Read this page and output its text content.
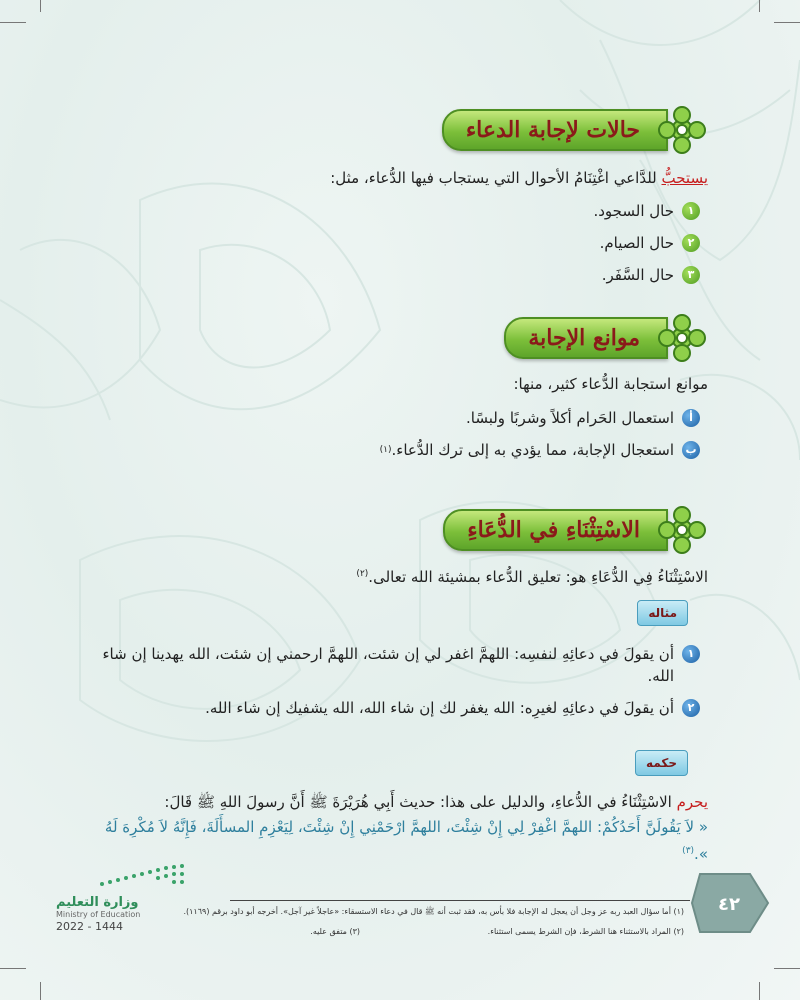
حالات لإجابة الدعاء
يستحبُّ للدَّاعي اغْتِنَامُ الأحوال التي يستجاب فيها الدُّعاء، مثل:
١
حال السجود.
٢
حال الصيام.
٣
حال السَّفَر.
موانع الإجابة
موانع استجابة الدُّعاء كثير، منها:
أ
استعمال الحَرام أكلاً وشربًا ولبسًا.
ب
استعجال الإجابة، مما يؤدي به إلى ترك الدُّعاء.
(١)
الاسْتِثْنَاءِ في الدُّعَاءِ
الاسْتِثْنَاءُ فِي الدُّعَاءِ هو: تعليق الدُّعاء بمشيئة الله تعالى.$^{(٢)}$
مثاله
١
أن يقولَ في دعائِهِ لنفسِه: اللهمَّ اغفر لي إن شئت، اللهمَّ ارحمني إن شئت، الله يهدينا إن شاء الله.
٢
أن يقولَ في دعائِهِ لغيرِه: الله يغفر لك إن شاء الله، الله يشفيك إن شاء الله.
حكمه
يحرم الاسْتِثْنَاءُ في الدُّعاءِ، والدليل على هذا: حديث أَبِي هُرَيْرَةَ ﷺ أَنَّ رسولَ اللهِ ﷺ قَالَ:
« لاَ يَقُولَنَّ أَحَدُكُمْ: اللهمَّ اغْفِرْ لِي إِنْ شِئْتَ، اللهمَّ ارْحَمْنِي إِنْ شِئْتَ، لِيَعْزِمِ المسأَلَةَ، فَإِنَّهُ لاَ مُكْرِهَ لَهُ ».$^{(٣)}$
(١) أما سؤال العبد ربه عز وجل أن يعجل له الإجابة فلا بأس به، فقد ثبت أنه ﷺ قال في دعاء الاستسقاء: «عاجلاً غير آجل». أخرجه أبو داود برقم (١١٦٩).
(٢) المراد بالاستثناء هنا الشرط، فإن الشرط يسمى استثناء.
(٣) متفق عليه.
٤٢
وزارة التعليم
Ministry of Education
2022 - 1444
